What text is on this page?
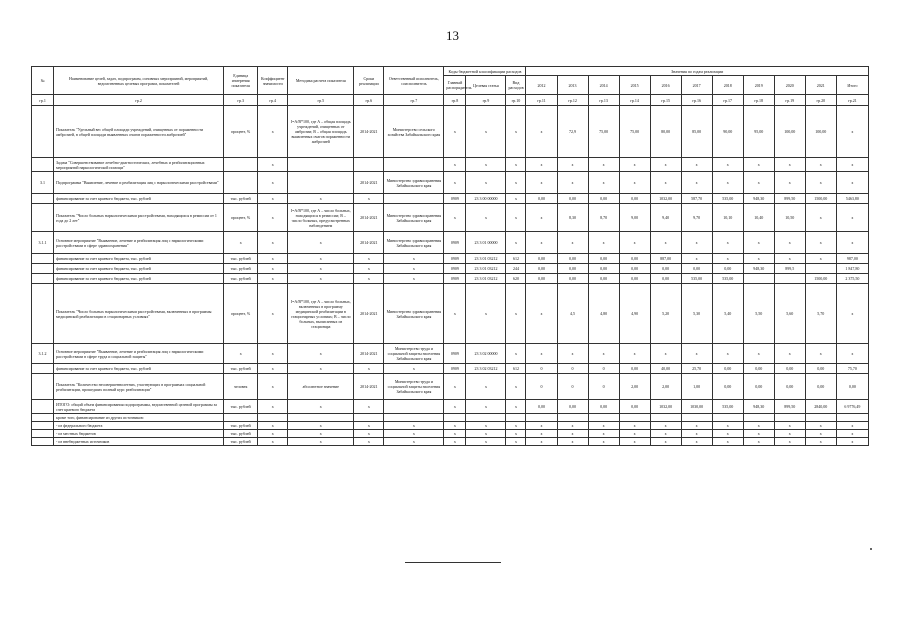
13
№	Наименование целей, задач, подпрограмм, основных мероприятий, мероприятий, ведомственных целевых программ, показателей	Единица измерения показателя	Коэффициент значимости	Методика расчета показателя	Сроки реализации	Ответственный исполнитель, соисполнитель	Коды бюджетной классификации расходов			Значения по годам реализации										
							Главный распорядитель	Целевая статья	Вид расходов	2012	2013	2014	2015	2016	2017	2018	2019	2020	2021	Итого
гр.1	гр.2	гр.3	гр.4	гр.5	гр.6	гр.7	гр.8	гр.9	гр.10	гр.11	гр.12	гр.13	гр.14	гр.15	гр.16	гр.17	гр.18	гр.19	гр.20	гр.21
	Показатель "Удельный вес общей площади учреждений, очищенных от пораженности амброзией, в общей площади выявленных очагов пораженности амброзией"	процент, %	х	I=A/B*100, где А – общая площадь учреждений, очищенных от амброзии; В – общая площадь выявленных очагов пораженности амброзией	2014-2021	Министерство сельского хозяйства Забайкальского края	х	х	х	х	72,9	75,00	75,00	80,00	85,00	90,00	95,00	100,00	100,00	х
	Задача "Совершенствование лечебно-диагностических, лечебных и реабилитационных мероприятий наркологической помощи"		х				х	х	х	х	х	х	х	х	х	х	х	х	х	х
3.1	Подпрограмма "Выявление, лечение и реабилитация лиц с наркологическими расстройствами"		х		2014-2021	Министерство здравоохранения Забайкальского края	х	х	х	х	х	х	х	х	х	х	х	х	х	х
	финансирование за счет краевого бюджета, тыс. рублей	тыс. рублей	х	х	х		0909	23 3 00 00000	х	0,00	0,00	0,00	0,00	1032,00	587,70	535,00	948,30	899,50	1500,00	5463,80
	Показатель "Число больных наркологическими расстройствами, находящихся в ремиссии от 1 года до 2 лет"	процент, %	х	I=A/B*100, где А – число больных, находящихся в ремиссии; В – число больных, предусмотренных наблюдением	2014-2021	Министерство здравоохранения Забайкальского края	х	х	х	х	8,30	8,70	9,00	9,40	9,70	10,10	10,40	10,50	х	х
3.1.1	Основное мероприятие "Выявление, лечение и реабилитация лиц с наркологическими расстройствами в сфере здравоохранения"	х	х	х	2014-2021	Министерство здравоохранения Забайкальского края	0909	23 3 01 00000	х	х	х	х	х	х	х	х	х	х	х	х
	финансирование за счет краевого бюджета, тыс. рублей	тыс. рублей	х	х	х	х	0909	23 3 01 03212	612	0,00	0,00	0,00	0,00	887,00	х	х	х	х	х	987,00
	финансирование за счет краевого бюджета, тыс. рублей	тыс. рублей	х	х	х	х	0909	23 3 01 03212	244	0,00	0,00	0,00	0,00	0,00	0,00	0,00	948,30	899,5		1 847,80
	финансирование за счет краевого бюджета, тыс. рублей	тыс. рублей	х	х	х	х	0909	23 3 01 03212	620	0,00	0,00	0,00	0,00	0,00	535,00	535,00			1500,00	2 375,50
	Показатель "Число больных наркологическими расстройствами, включенных в программы медицинской реабилитации в стационарных условиях"	процент, %	х	I=A/B*100, где А – число больных, включенных в программу медицинской реабилитации в стационарных условиях; В – число больных, выписанных из стационара	2014-2021	Министерство здравоохранения Забайкальского края	х	х	х	х	4,5	4,80	4,90	5,20	5,30	5,40	5,50	5,60	5,70	х
3.1.2	Основное мероприятие "Выявление, лечение и реабилитация лиц с наркологическими расстройствами в сфере труда и социальной защиты"	х	х	х	2014-2021	Министерство труда и социальной защиты населения Забайкальского края	0909	23 3 02 00000	х	х	х	х	х	х	х	х	х	х	х	х
	финансирование за счет краевого бюджета, тыс. рублей	тыс. рублей	х	х	х	х	0909	23 3 02 03212	612	0	0	0	0,00	40,00	25,70	0,00	0,00	0,00	0,00	75,70
	Показатель "Количество несовершеннолетних, участвующих в программах социальной реабилитации, прошедших полный курс реабилитации"	человек	х	абсолютное значение	2014-2021	Министерство труда и социальной защиты населения Забайкальского края	х	х	х	0	0	0	2,00	2,00	1,00	0,00	0,00	0,00	0,00	0,00
	ИТОГО: общий объем финансирования подпрограммы, ведомственной целевой программы за счет краевого бюджета	тыс. рублей	х	х	х		х	х	х	0,00	0,00	0,00	0,00	1032,00	1030,00	535,00	948,30	899,50	2840,00	6 9776,49
	кроме того, финансирование из других источников:																			
	- из федерального бюджета	тыс. рублей	х	х	х	х	х	х	х	х	х	х	х	х	х	х	х	х	х	х
	- из местных бюджетов	тыс. рублей	х	х	х	х	х	х	х	х	х	х	х	х	х	х	х	х	х	х
	- из внебюджетных источников	тыс. рублей	х	х	х	х	х	х	х	х	х	х	х	х	х	х	х	х	х	х
